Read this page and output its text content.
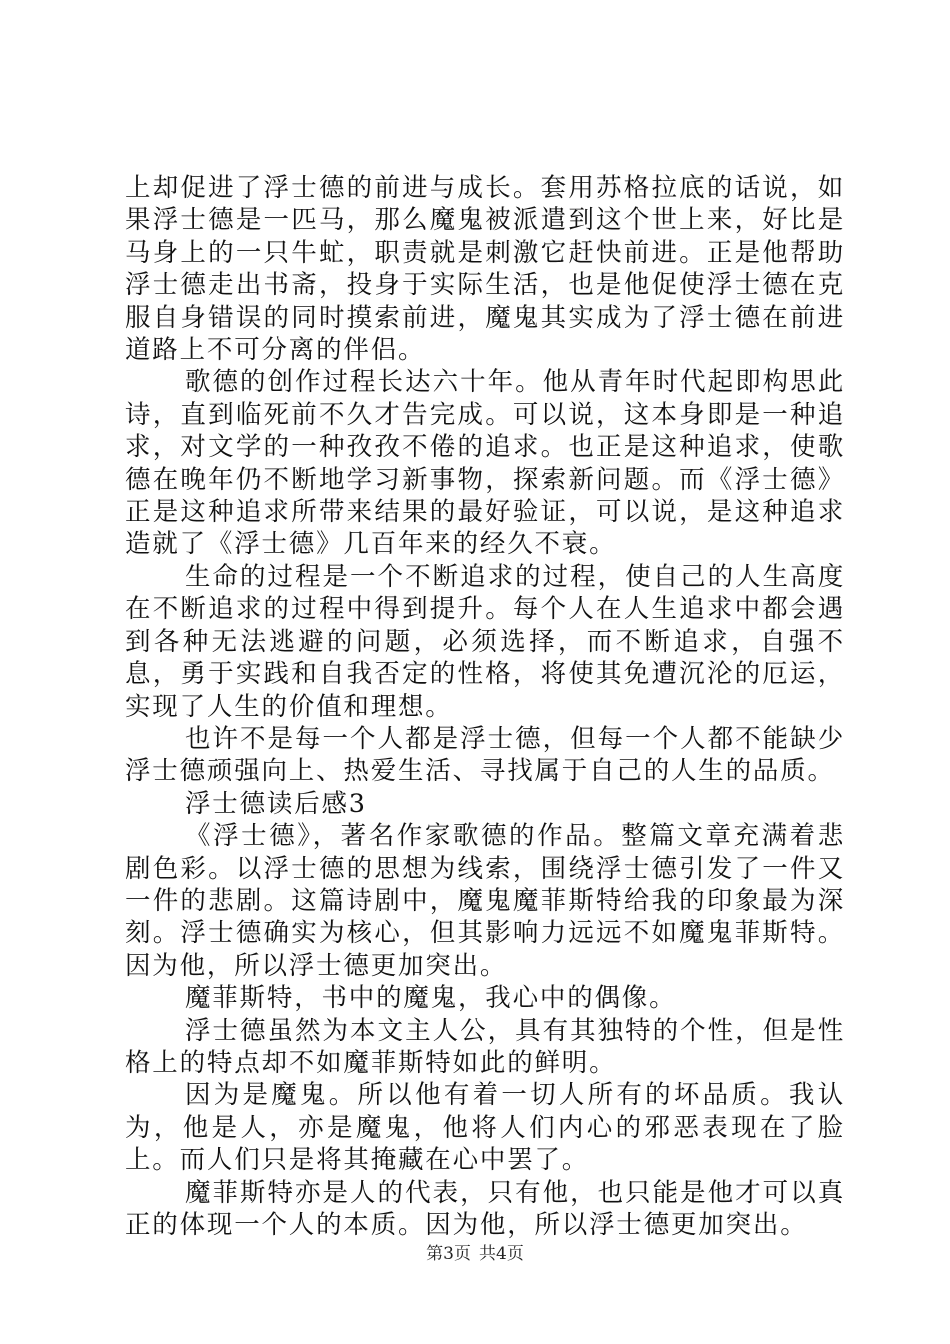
上却促进了浮士德的前进与成长。套用苏格拉底的话说，如果浮士德是一匹马，那么魔鬼被派遣到这个世上来，好比是马身上的一只牛虻，职责就是刺激它赶快前进。正是他帮助浮士德走出书斋，投身于实际生活，也是他促使浮士德在克服自身错误的同时摸索前进，魔鬼其实成为了浮士德在前进道路上不可分离的伴侣。

歌德的创作过程长达六十年。他从青年时代起即构思此诗，直到临死前不久才告完成。可以说，这本身即是一种追求，对文学的一种孜孜不倦的追求。也正是这种追求，使歌德在晚年仍不断地学习新事物，探索新问题。而《浮士德》正是这种追求所带来结果的最好验证，可以说，是这种追求造就了《浮士德》几百年来的经久不衰。

生命的过程是一个不断追求的过程，使自己的人生高度在不断追求的过程中得到提升。每个人在人生追求中都会遇到各种无法逃避的问题，必须选择，而不断追求，自强不息，勇于实践和自我否定的性格，将使其免遭沉沦的厄运，实现了人生的价值和理想。

也许不是每一个人都是浮士德，但每一个人都不能缺少浮士德顽强向上、热爱生活、寻找属于自己的人生的品质。

浮士德读后感3

《浮士德》，著名作家歌德的作品。整篇文章充满着悲剧色彩。以浮士德的思想为线索，围绕浮士德引发了一件又一件的悲剧。这篇诗剧中，魔鬼魔菲斯特给我的印象最为深刻。浮士德确实为核心，但其影响力远远不如魔鬼菲斯特。因为他，所以浮士德更加突出。

魔菲斯特，书中的魔鬼，我心中的偶像。

浮士德虽然为本文主人公，具有其独特的个性，但是性格上的特点却不如魔菲斯特如此的鲜明。

因为是魔鬼。所以他有着一切人所有的坏品质。我认为，他是人，亦是魔鬼，他将人们内心的邪恶表现在了脸上。而人们只是将其掩藏在心中罢了。

魔菲斯特亦是人的代表，只有他，也只能是他才可以真正的体现一个人的本质。因为他，所以浮士德更加突出。

第3页 共4页
